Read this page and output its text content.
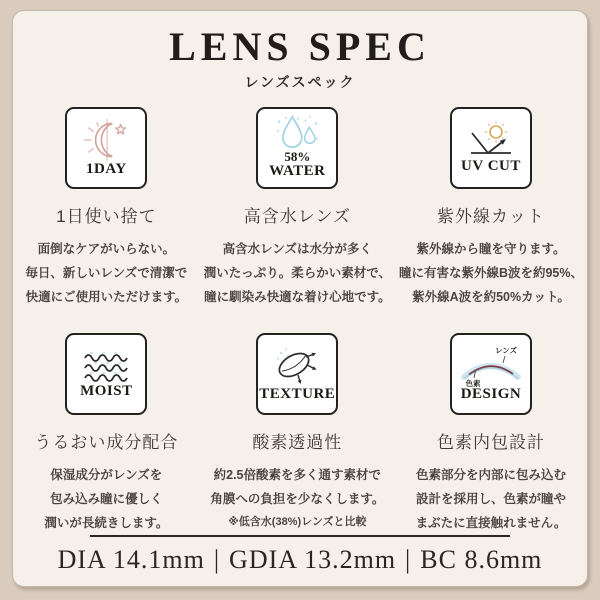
LENS SPEC
レンズスペック
1DAY
1日使い捨て

面倒なケアがいらない。
毎日、新しいレンズで清潔で
快適にご使用いただけます。

58%
WATER
高含水レンズ

高含水レンズは水分が多く
潤いたっぷり。柔らかい素材で、
瞳に馴染み快適な着け心地です。

UV CUT
紫外線カット

紫外線から瞳を守ります。
瞳に有害な紫外線B波を約95%、
紫外線A波を約50%カット。

MOIST
うるおい成分配合

保湿成分がレンズを
包み込み瞳に優しく
潤いが長続きします。

TEXTURE
酸素透過性

約2.5倍酸素を多く通す素材で
角膜への負担を少なくします。
※低含水(38%)レンズと比較

レンズ
色素
DESIGN
色素内包設計

色素部分を内部に包み込む
設計を採用し、色素が瞳や
まぶたに直接触れません。

DIA 14.1mm | GDIA 13.2mm | BC 8.6mm
